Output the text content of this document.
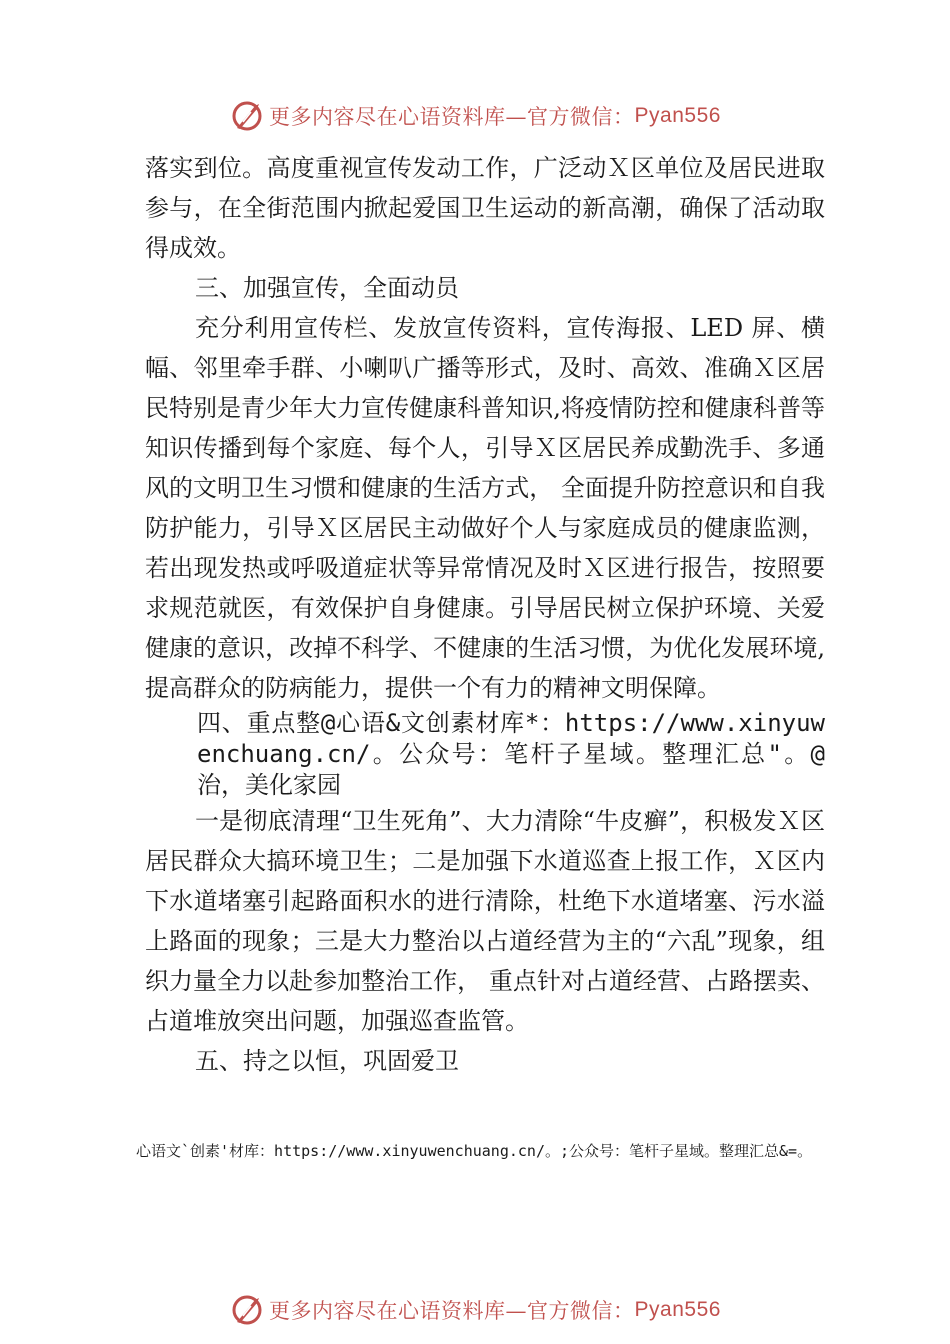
更多内容尽在心语资料库—官方微信： Pyan556

落实到位。高度重视宣传发动工作，广泛动Ｘ区单位及居民进取参与，在全街范围内掀起爱国卫生运动的新高潮，确保了活动取得成效。

三、加强宣传，全面动员

充分利用宣传栏、发放宣传资料，宣传海报、LED 屏、横幅、邻里牵手群、小喇叭广播等形式，及时、高效、准确Ｘ区居民特别是青少年大力宣传健康科普知识,将疫情防控和健康科普等知识传播到每个家庭、每个人，引导Ｘ区居民养成勤洗手、多通风的文明卫生习惯和健康的生活方式， 全面提升防控意识和自我防护能力，引导Ｘ区居民主动做好个人与家庭成员的健康监测，若出现发热或呼吸道症状等异常情况及时Ｘ区进行报告，按照要求规范就医，有效保护自身健康。引导居民树立保护环境、关爱健康的意识，改掉不科学、不健康的生活习惯，为优化发展环境,提高群众的防病能力，提供一个有力的精神文明保障。

四、重点整@心语&文创素材库*：https://www.xinyuwenchuang.cn/。公众号：笔杆子星域。整理汇总"。@治，美化家园

一是彻底清理“卫生死角”、大力清除“牛皮癣”，积极发Ｘ区居民群众大搞环境卫生；二是加强下水道巡查上报工作，Ｘ区内下水道堵塞引起路面积水的进行清除，杜绝下水道堵塞、污水溢上路面的现象；三是大力整治以占道经营为主的“六乱”现象，组织力量全力以赴参加整治工作， 重点针对占道经营、占路摆卖、占道堆放突出问题，加强巡查监管。

五、持之以恒，巩固爱卫

心语文`创素'材库：https://www.xinyuwenchuang.cn/。;公众号：笔杆子星域。整理汇总&=。
更多内容尽在心语资料库—官方微信： Pyan556
